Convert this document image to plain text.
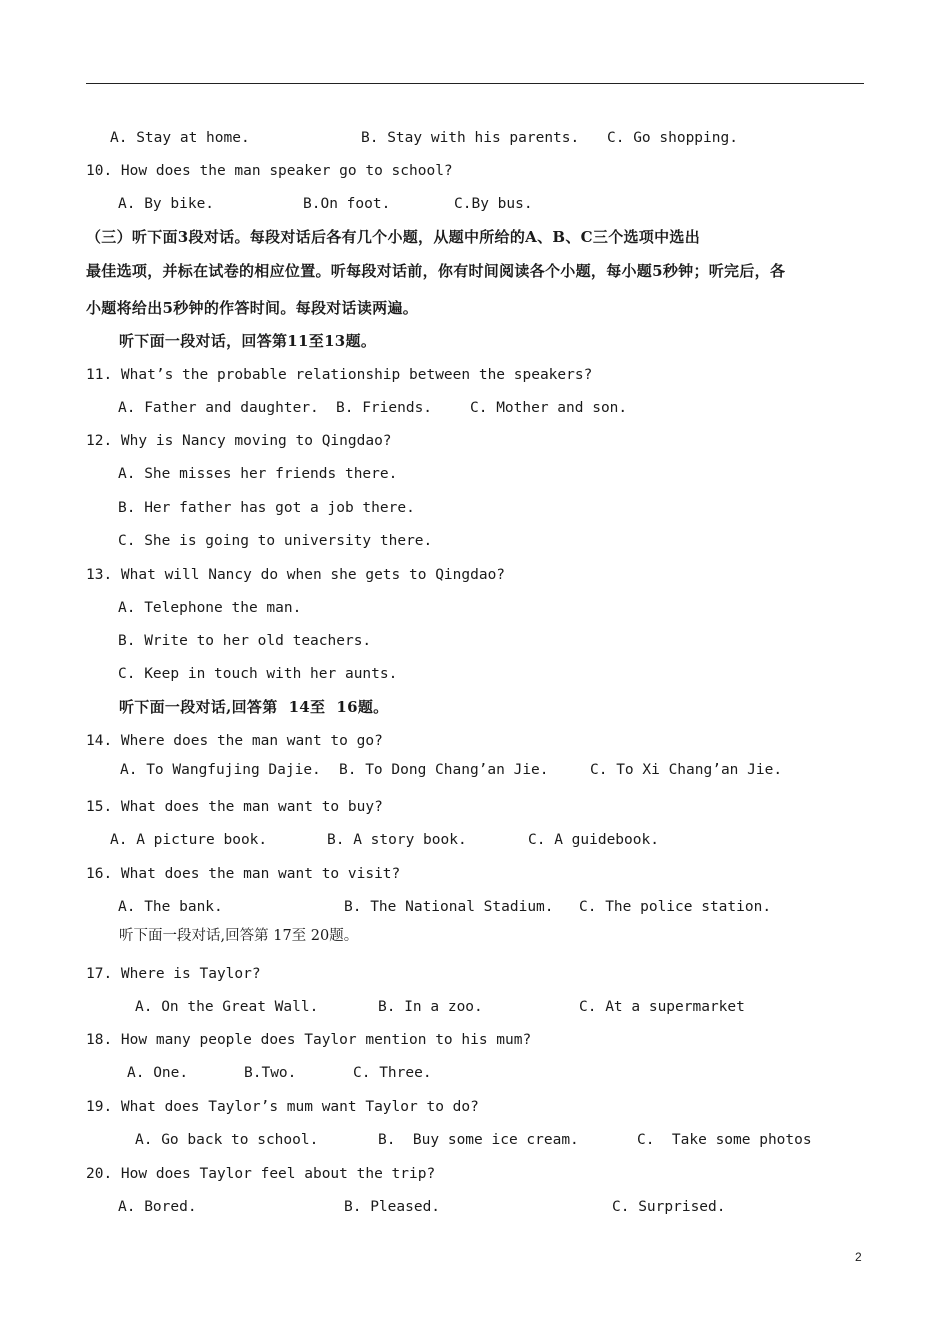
A. Stay at home.	B. Stay with his parents. C. Go shopping.
10. How does the man speaker go to school?
A. By bike.	B.On foot.	C.By bus.
（三）听下面3段对话。每段对话后各有几个小题，从题中所给的A、B、C三个选项中选出
最佳选项，并标在试卷的相应位置。听每段对话前，你有时间阅读各个小题，每小题5秒钟；听完后，各
小题将给出5秒钟的作答时间。每段对话读两遍。
听下面一段对话，回答第11至13题。
11. What’s the probable relationship between the speakers?
A. Father and daughter. B. Friends.	C. Mother and son.
12. Why is Nancy moving to Qingdao?
A. She misses her friends there.
B. Her father has got a job there.
C. She is going to university there.
13. What will Nancy do when she gets to Qingdao?
A. Telephone the man.
B. Write to her old teachers.
C. Keep in touch with her aunts.
听下面一段对话,回答第  14至  16题。
14. Where does the man want to go?
A. To Wangfujing Dajie. B. To Dong Chang’an Jie.	C. To Xi Chang’an Jie.
15. What does the man want to buy?
A. A picture book.	B. A story book.	C. A guidebook.
16. What does the man want to visit?
A. The bank.	B. The National Stadium. C. The police station.
听下面一段对话,回答第 17至 20题。
17. Where is Taylor?
A. On the Great Wall.	B. In a zoo.	C. At a supermarket
18. How many people does Taylor mention to his mum?
A. One.	B.Two.	C. Three.
19. What does Taylor’s mum want Taylor to do?
A. Go back to school.	B.  Buy some ice cream.	C.  Take some photos
20. How does Taylor feel about the trip?
A. Bored.	B. Pleased.	C. Surprised.
2
